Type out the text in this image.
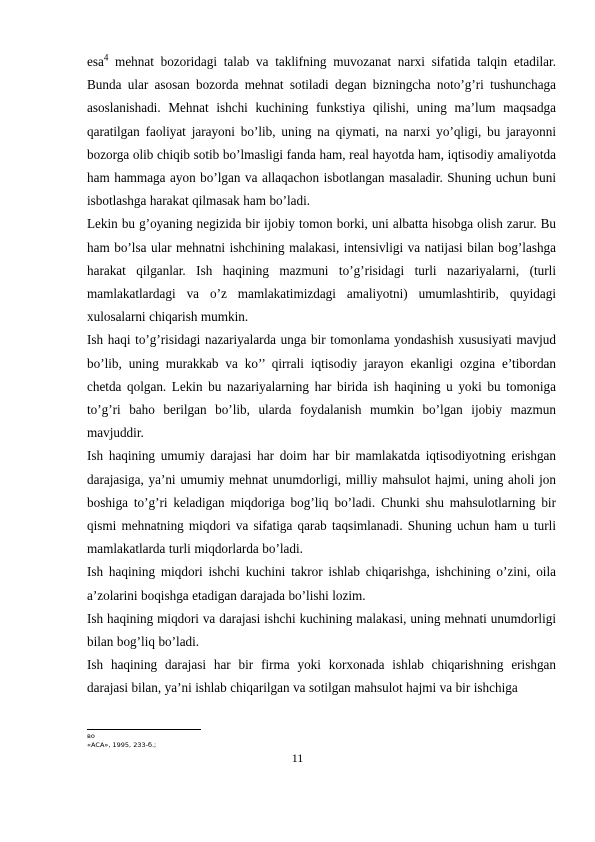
esa$^4$ mehnat bozoridagi talab va taklifning muvozanat narxi sifatida talqin etadilar. Bunda ular asosan bozorda mehnat sotiladi degan bizningcha noto’g’ri tushunchaga asoslanishadi. Mehnat ishchi kuchining funkstiya qilishi, uning ma’lum maqsadga qaratilgan faoliyat jarayoni bo’lib, uning na qiymati, na narxi yo’qligi, bu jarayonni bozorga olib chiqib sotib bo’lmasligi fanda ham, real hayotda ham, iqtisodiy amaliyotda ham hammaga ayon bo’lgan va allaqachon isbotlangan masaladir. Shuning uchun buni isbotlashga harakat qilmasak ham bo’ladi.

Lekin bu g’oyaning negizida bir ijobiy tomon borki, uni albatta hisobga olish zarur. Bu ham bo’lsa ular mehnatni ishchining malakasi, intensivligi va natijasi bilan bog’lashga harakat qilganlar. Ish haqining mazmuni to’g’risidagi turli nazariyalarni, (turli mamlakatlardagi va o’z mamlakatimizdagi amaliyotni) umumlashtirib, quyidagi xulosalarni chiqarish mumkin.

Ish haqi to’g’risidagi nazariyalarda unga bir tomonlama yondashish xususiyati mavjud bo’lib, uning murakkab va ko’’ qirrali iqtisodiy jarayon ekanligi ozgina e’tibordan chetda qolgan. Lekin bu nazariyalarning har birida ish haqining u yoki bu tomoniga to’g’ri baho berilgan bo’lib, ularda foydalanish mumkin bo’lgan ijobiy mazmun mavjuddir.

Ish haqining umumiy darajasi har doim har bir mamlakatda iqtisodiyotning erishgan darajasiga, ya’ni umumiy mehnat unumdorligi, milliy mahsulot hajmi, uning aholi jon boshiga to’g’ri keladigan miqdoriga bog’liq bo’ladi. Chunki shu mahsulotlarning bir qismi mehnatning miqdori va sifatiga qarab taqsimlanadi. Shuning uchun ham u turli mamlakatlarda turli miqdorlarda bo’ladi.

Ish haqining miqdori ishchi kuchini takror ishlab chiqarishga, ishchining o’zini, oila a’zolarini boqishga etadigan darajada bo’lishi lozim.

Ish haqining miqdori va darajasi ishchi kuchining malakasi, uning mehnati unumdorligi bilan bog’liq bo’ladi.

Ish haqining darajasi har bir firma yoki korxonada ishlab chiqarishning erishgan darajasi bilan, ya’ni ishlab chiqarilgan va sotilgan mahsulot hajmi va bir ishchiga

во
«АСА», 1995, 233-б.;
11
